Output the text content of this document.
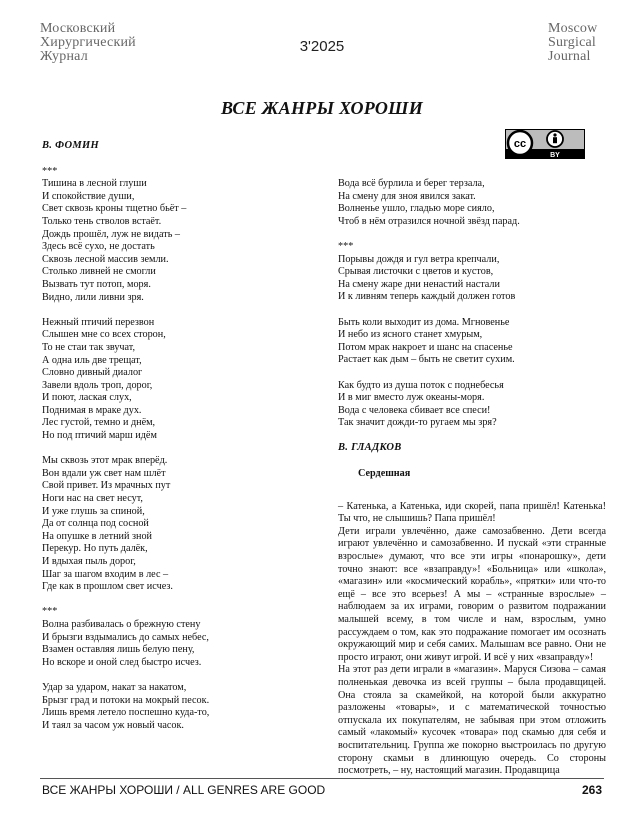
Московский
Хирургический
Журнал
3'2025
Moscow
Surgical
Journal
ВСЕ ЖАНРЫ ХОРОШИ
cc
BY
В. ФОМИН
***
Тишина в лесной глуши
И спокойствие души,
Свет сквозь кроны тщетно бьёт –
Только тень стволов встаёт.
Дождь прошёл, луж не видать –
Здесь всё сухо, не достать
Сквозь лесной массив земли.
Столько ливней не смогли
Вызвать тут потоп, моря.
Видно, лили ливни зря.
Нежный птичий перезвон
Слышен мне со всех сторон,
То не стаи так звучат,
А одна иль две трещат,
Словно дивный диалог
Завели вдоль троп, дорог,
И поют, лаская слух,
Поднимая в мраке дух.
Лес густой, темно и днём,
Но под птичий марш идём
Мы сквозь этот мрак вперёд.
Вон вдали уж свет нам шлёт
Свой привет. Из мрачных пут
Ноги нас на свет несут,
И уже глушь за спиной,
Да от солнца под сосной
На опушке в летний зной
Перекур. Но путь далёк,
И вдыхая пыль дорог,
Шаг за шагом входим в лес –
Где как в прошлом свет исчез.
***
Волна разбивалась о брежную стену
И брызги вздымались до самых небес,
Взамен оставляя лишь белую пену,
Но вскоре и оной след быстро исчез.
Удар за ударом, накат за накатом,
Брызг град и потоки на мокрый песок.
Лишь время летело поспешно куда-то,
И таял за часом уж новый часок.
Вода всё бурлила и берег терзала,
На смену для зноя явился закат.
Волненье ушло, гладью море сияло,
Чтоб в нём отразился ночной звёзд парад.
***
Порывы дождя и гул ветра крепчали,
Срывая листочки с цветов и кустов,
На смену жаре дни ненастий настали
И к ливням теперь каждый должен готов
Быть коли выходит из дома. Мгновенье
И небо из ясного станет хмурым,
Потом мрак накроет и шанс на спасенье
Растает как дым – быть не светит сухим.
Как будто из душа поток с поднебесья
И в миг вместо луж океаны-моря.
Вода с человека сбивает все спеси!
Так значит дожди-то ругаем мы зря?
В. ГЛАДКОВ
Сердешная

– Катенька, а Катенька, иди скорей, папа пришёл! Катенька! Ты что, не слышишь? Папа пришёл!

Дети играли увлечённо, даже самозабвенно. Дети всегда играют увлечённо и самозабвенно. И пускай «эти странные взрослые» думают, что все эти игры «понарошку», дети точно знают: все «взаправду»! «Больница» или «школа», «магазин» или «космический корабль», «прятки» или что-то ещё – все это всерьез! А мы – «странные взрослые» – наблюдаем за их играми, говорим о развитом подражании малышей всему, в том числе и нам, взрослым, умно рассуждаем о том, как это подражание помогает им осознать окружающий мир и себя самих. Малышам все равно. Они не просто играют, они живут игрой. И всё у них «взаправду»!

На этот раз дети играли в «магазин». Маруся Сизова – самая полненькая девочка из всей группы – была продавщицей. Она стояла за скамейкой, на которой были аккуратно разложены «товары», и с математической точностью отпускала их покупателям, не забывая при этом отложить самый «лакомый» кусочек «товара» под скамью для себя и воспитательниц. Группа же покорно выстроилась по другую сторону скамьи в длинющую очередь. Со стороны посмотреть, – ну, настоящий магазин. Продавщица

ВСЕ ЖАНРЫ ХОРОШИ / ALL GENRES ARE GOOD	263
